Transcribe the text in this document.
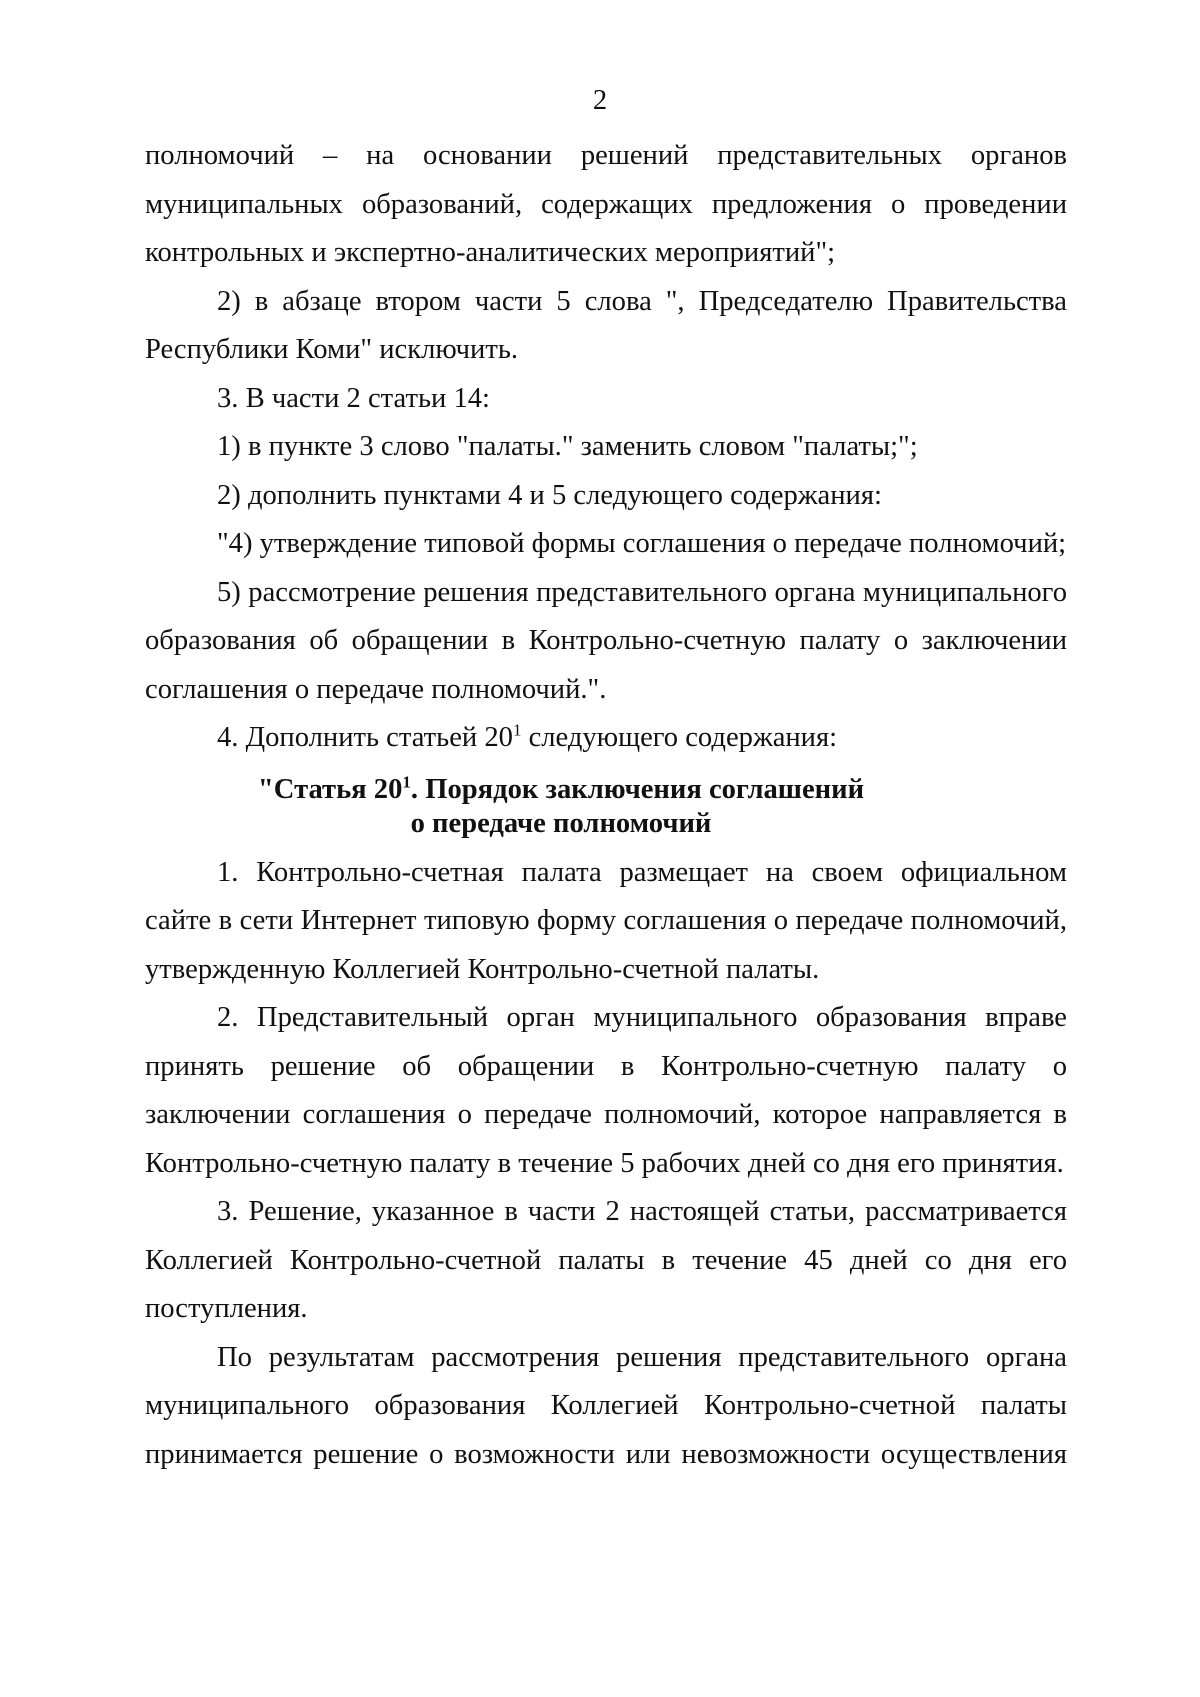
2

полномочий – на основании решений представительных органов муниципальных образований, содержащих предложения о проведении контрольных и экспертно-аналитических мероприятий";

2) в абзаце втором части 5 слова ", Председателю Правительства Республики Коми" исключить.

3. В части 2 статьи 14:

1) в пункте 3 слово "палаты." заменить словом "палаты;";

2) дополнить пунктами 4 и 5 следующего содержания:

"4) утверждение типовой формы соглашения о передаче полномочий;

5) рассмотрение решения представительного органа муниципального образования об обращении в Контрольно-счетную палату о заключении соглашения о передаче полномочий.".

4. Дополнить статьей $20^1$ следующего содержания:

"Статья $20^1$. Порядок заключения соглашений
о передаче полномочий

1. Контрольно-счетная палата размещает на своем официальном сайте в сети Интернет типовую форму соглашения о передаче полномочий, утвержденную Коллегией Контрольно-счетной палаты.

2. Представительный орган муниципального образования вправе принять решение об обращении в Контрольно-счетную палату о заключении соглашения о передаче полномочий, которое направляется в Контрольно-счетную палату в течение 5 рабочих дней со дня его принятия.

3. Решение, указанное в части 2 настоящей статьи, рассматривается Коллегией Контрольно-счетной палаты в течение 45 дней со дня его поступления.

По результатам рассмотрения решения представительного органа муниципального образования Коллегией Контрольно-счетной палаты принимается решение о возможности или невозможности осуществления
